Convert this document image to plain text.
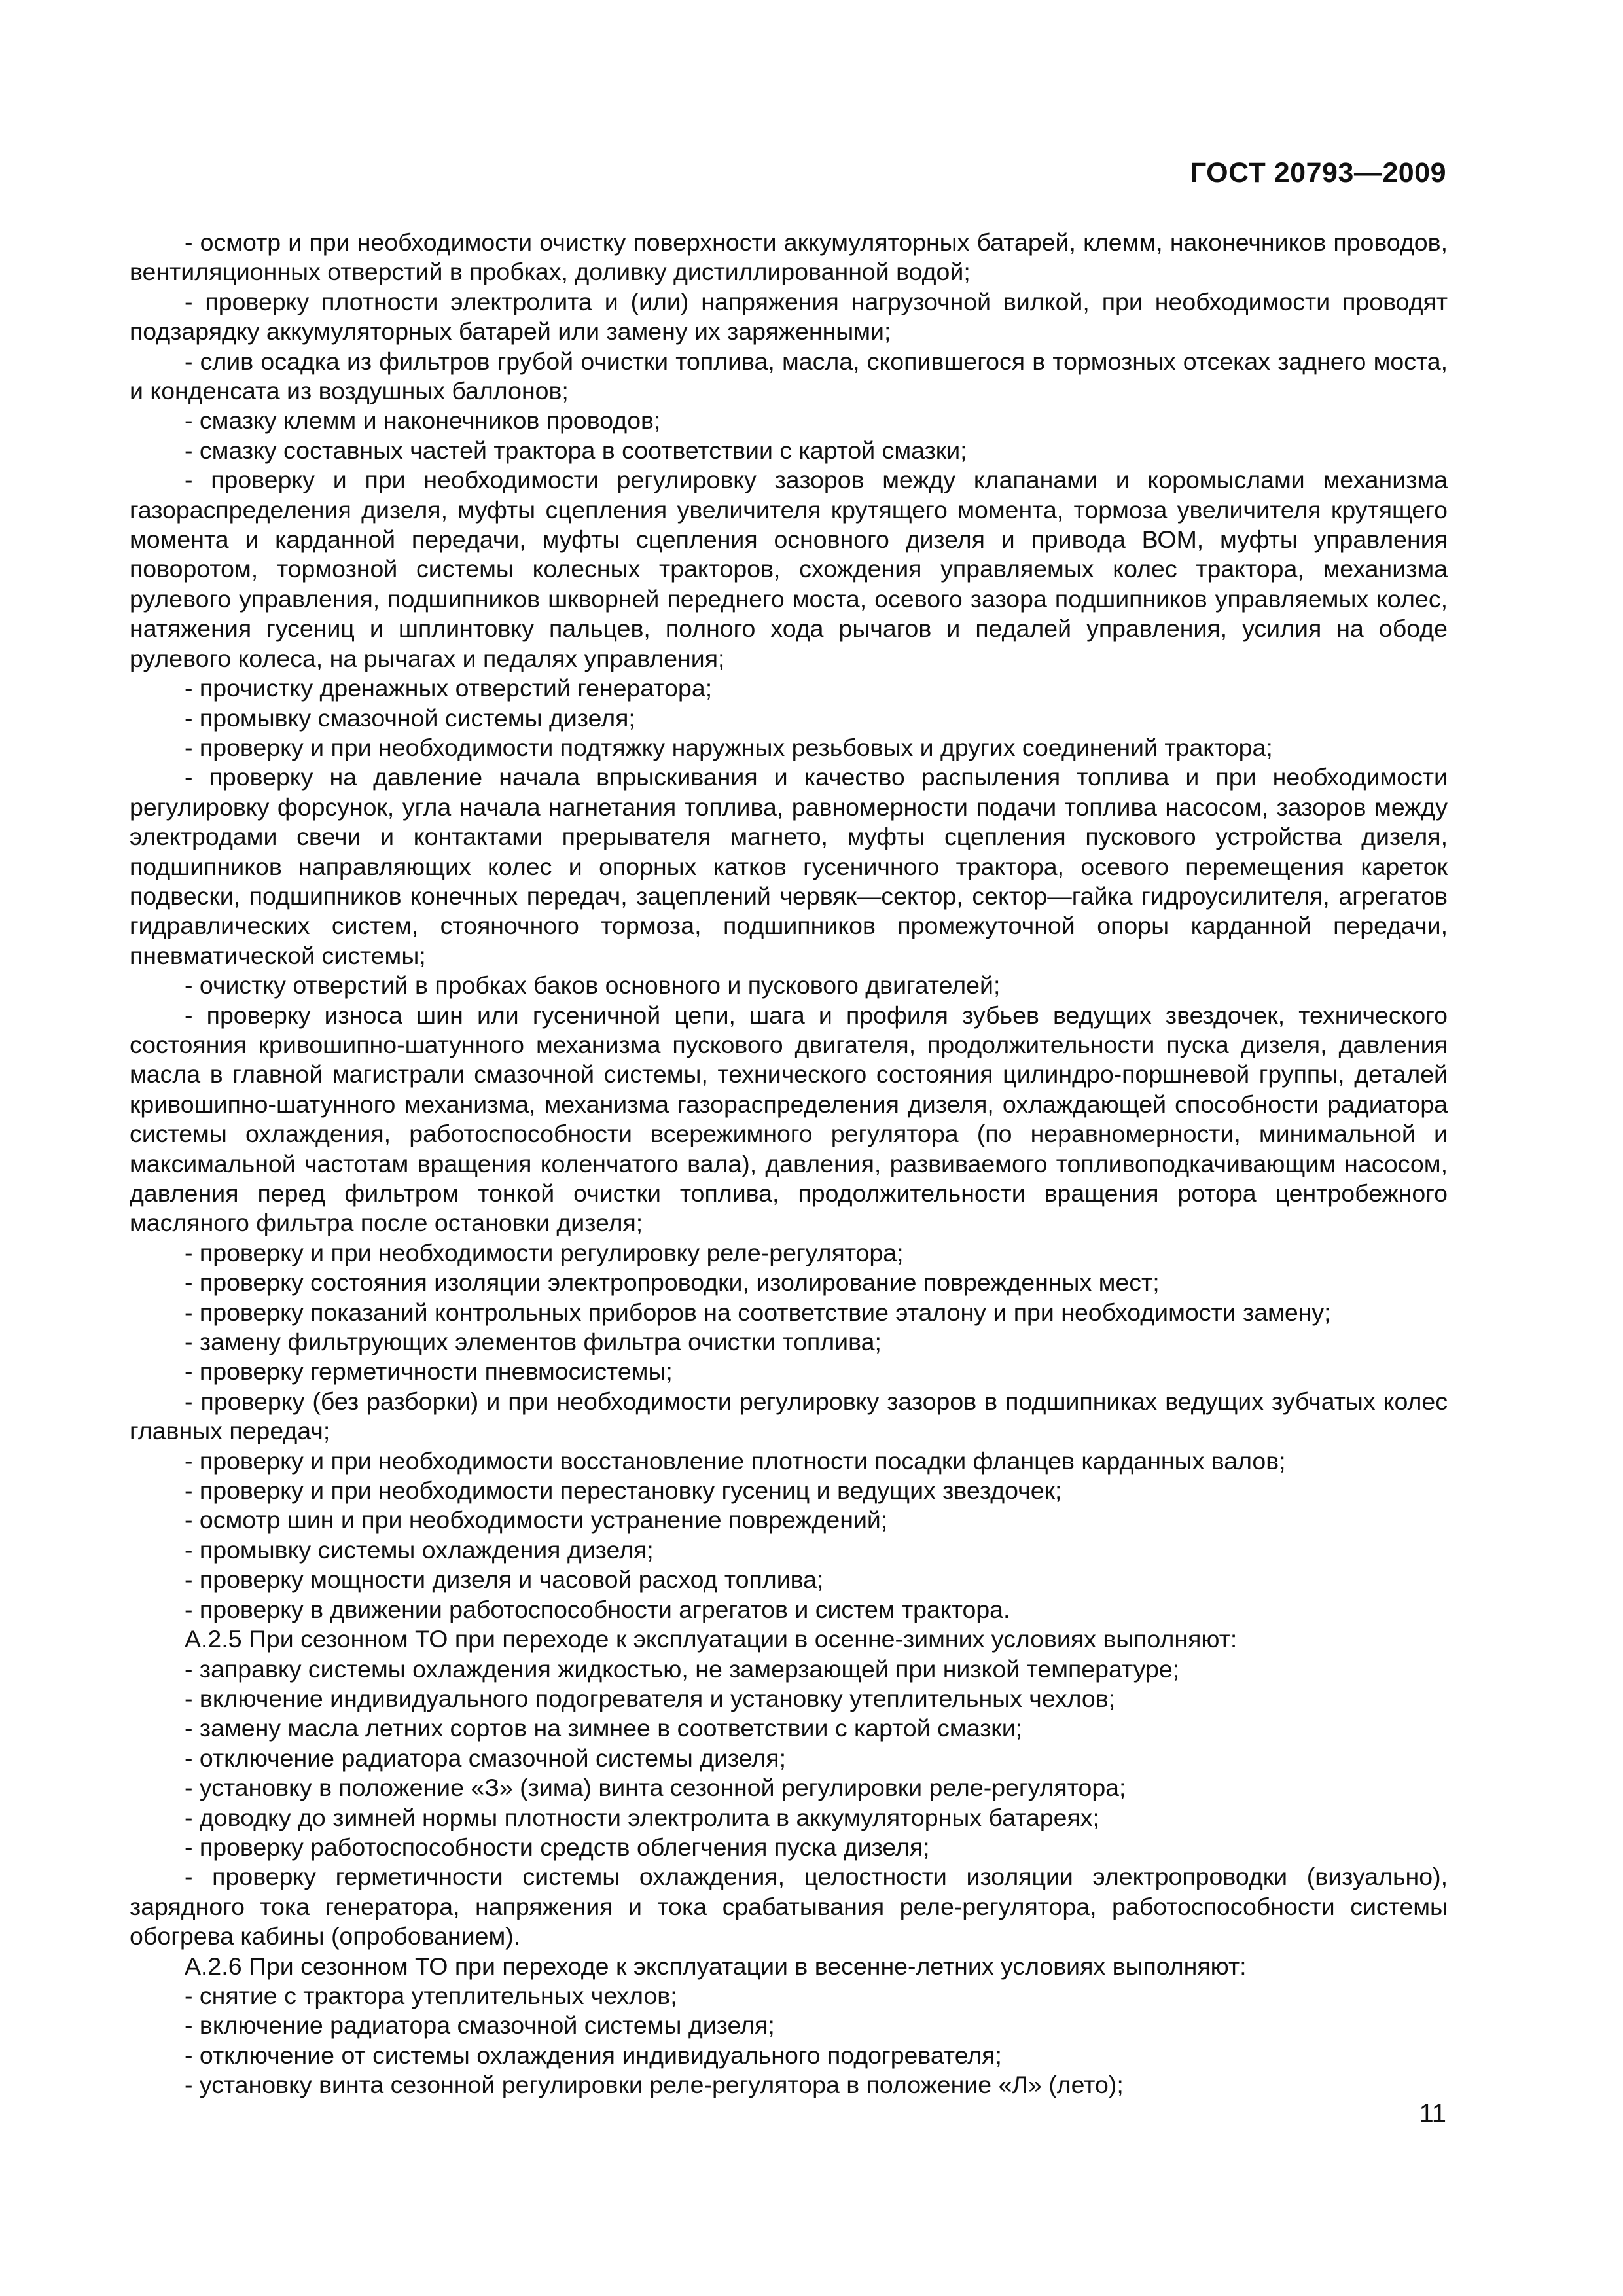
ГОСТ 20793—2009

- осмотр и при необходимости очистку поверхности аккумуляторных батарей, клемм, наконечников проводов, вентиляционных отверстий в пробках, доливку дистиллированной водой;

- проверку плотности электролита и (или) напряжения нагрузочной вилкой, при необходимости проводят подзарядку аккумуляторных батарей или замену их заряженными;

- слив осадка из фильтров грубой очистки топлива, масла, скопившегося в тормозных отсеках заднего моста, и конденсата из воздушных баллонов;

- смазку клемм и наконечников проводов;

- смазку составных частей трактора в соответствии с картой смазки;

- проверку и при необходимости регулировку зазоров между клапанами и коромыслами механизма газораспределения дизеля, муфты сцепления увеличителя крутящего момента, тормоза увеличителя крутящего момента и карданной передачи, муфты сцепления основного дизеля и привода ВОМ, муфты управления поворотом, тормозной системы колесных тракторов, схождения управляемых колес трактора, механизма рулевого управления, подшипников шкворней переднего моста, осевого зазора подшипников управляемых колес, натяжения гусениц и шплинтовку пальцев, полного хода рычагов и педалей управления, усилия на ободе рулевого колеса, на рычагах и педалях управления;

- прочистку дренажных отверстий генератора;

- промывку смазочной системы дизеля;

- проверку и при необходимости подтяжку наружных резьбовых и других соединений трактора;

- проверку на давление начала впрыскивания и качество распыления топлива и при необходимости регулировку форсунок, угла начала нагнетания топлива, равномерности подачи топлива насосом, зазоров между электродами свечи и контактами прерывателя магнето, муфты сцепления пускового устройства дизеля, подшипников направляющих колес и опорных катков гусеничного трактора, осевого перемещения кареток подвески, подшипников конечных передач, зацеплений червяк—сектор, сектор—гайка гидроусилителя, агрегатов гидравлических систем, стояночного тормоза, подшипников промежуточной опоры карданной передачи, пневматической системы;

- очистку отверстий в пробках баков основного и пускового двигателей;

- проверку износа шин или гусеничной цепи, шага и профиля зубьев ведущих звездочек, технического состояния кривошипно-шатунного механизма пускового двигателя, продолжительности пуска дизеля, давления масла в главной магистрали смазочной системы, технического состояния цилиндро-поршневой группы, деталей кривошипно-шатунного механизма, механизма газораспределения дизеля, охлаждающей способности радиатора системы охлаждения, работоспособности всережимного регулятора (по неравномерности, минимальной и максимальной частотам вращения коленчатого вала), давления, развиваемого топливоподкачивающим насосом, давления перед фильтром тонкой очистки топлива, продолжительности вращения ротора центробежного масляного фильтра после остановки дизеля;

- проверку и при необходимости регулировку реле-регулятора;

- проверку состояния изоляции электропроводки, изолирование поврежденных мест;

- проверку показаний контрольных приборов на соответствие эталону и при необходимости замену;

- замену фильтрующих элементов фильтра очистки топлива;

- проверку герметичности пневмосистемы;

- проверку (без разборки) и при необходимости регулировку зазоров в подшипниках ведущих зубчатых колес главных передач;

- проверку и при необходимости восстановление плотности посадки фланцев карданных валов;

- проверку и при необходимости перестановку гусениц и ведущих звездочек;

- осмотр шин и при необходимости устранение повреждений;

- промывку системы охлаждения дизеля;

- проверку мощности дизеля и часовой расход топлива;

- проверку в движении работоспособности агрегатов и систем трактора.

А.2.5 При сезонном ТО при переходе к эксплуатации в осенне-зимних условиях выполняют:

- заправку системы охлаждения жидкостью, не замерзающей при низкой температуре;

- включение индивидуального подогревателя и установку утеплительных чехлов;

- замену масла летних сортов на зимнее в соответствии с картой смазки;

- отключение радиатора смазочной системы дизеля;

- установку в положение «З» (зима) винта сезонной регулировки реле-регулятора;

- доводку до зимней нормы плотности электролита в аккумуляторных батареях;

- проверку работоспособности средств облегчения пуска дизеля;

- проверку герметичности системы охлаждения, целостности изоляции электропроводки (визуально), зарядного тока генератора, напряжения и тока срабатывания реле-регулятора, работоспособности системы обогрева кабины (опробованием).

А.2.6 При сезонном ТО при переходе к эксплуатации в весенне-летних условиях выполняют:

- снятие с трактора утеплительных чехлов;

- включение радиатора смазочной системы дизеля;

- отключение от системы охлаждения индивидуального подогревателя;

- установку винта сезонной регулировки реле-регулятора в положение «Л» (лето);

11
